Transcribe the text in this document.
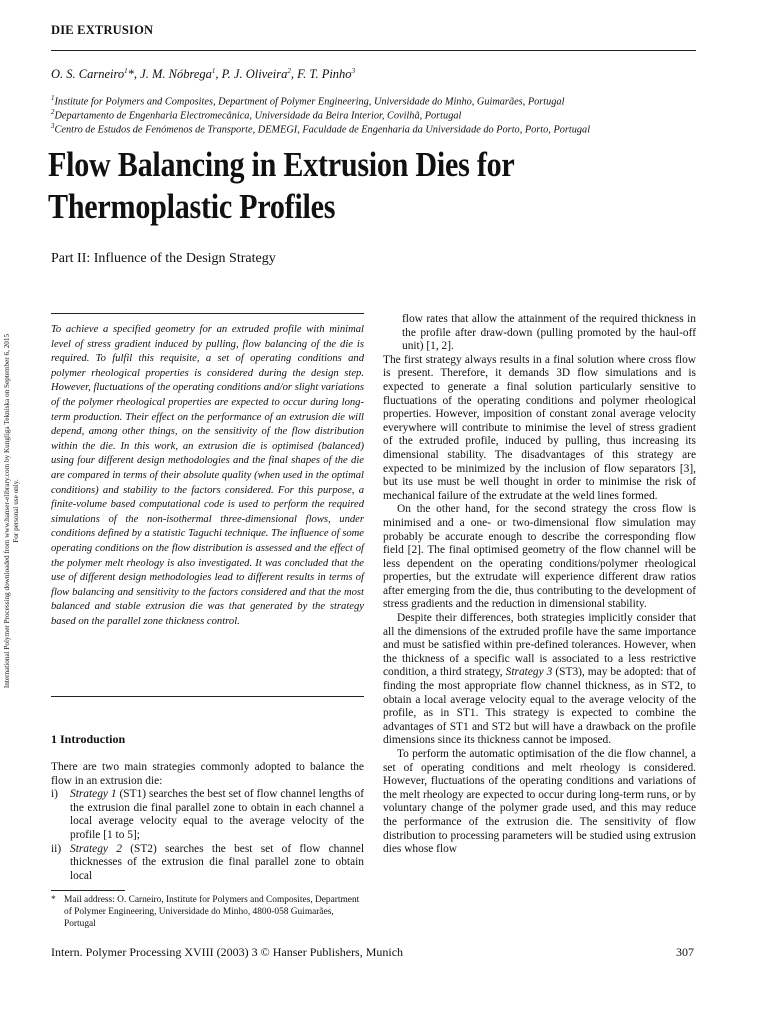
DIE EXTRUSION
O. S. Carneiro$^1$*, J. M. Nóbrega$^1$, P. J. Oliveira$^2$, F. T. Pinho$^3$
$^1$Institute for Polymers and Composites, Department of Polymer Engineering, Universidade do Minho, Guimarães, Portugal
$^2$Departamento de Engenharia Electromecânica, Universidade da Beira Interior, Covilhã, Portugal
$^3$Centro de Estudos de Fenómenos de Transporte, DEMEGI, Faculdade de Engenharia da Universidade do Porto, Porto, Portugal
Flow Balancing in Extrusion Dies for
Thermoplastic Profiles
Part II: Influence of the Design Strategy
International Polymer Processing downloaded from www.hanser-elibrary.com by Kungliga Tekniska on September 6, 2015 For personal use only.
To achieve a specified geometry for an extruded profile with minimal level of stress gradient induced by pulling, flow balancing of the die is required. To fulfil this requisite, a set of operating conditions and polymer rheological properties is considered during the design step. However, fluctuations of the operating conditions and/or slight variations of the polymer rheological properties are expected to occur during long-term production. Their effect on the performance of an extrusion die will depend, among other things, on the sensitivity of the flow distribution within the die. In this work, an extrusion die is optimised (balanced) using four different design methodologies and the final shapes of the die are compared in terms of their absolute quality (when used in the optimal conditions) and stability to the factors considered. For this purpose, a finite-volume based computational code is used to perform the required simulations of the non-isothermal three-dimensional flows, under conditions defined by a statistic Taguchi technique. The influence of some operating conditions on the flow distribution is assessed and the effect of the polymer melt rheology is also investigated. It was concluded that the use of different design methodologies lead to different results in terms of flow balancing and sensitivity to the factors considered and that the most balanced and stable extrusion die was that generated by the strategy based on the parallel zone thickness control.
1 Introduction

There are two main strategies commonly adopted to balance the flow in an extrusion die:

i)	Strategy 1 (ST1) searches the best set of flow channel lengths of the extrusion die final parallel zone to obtain in each channel a local average velocity equal to the average velocity of the profile [1 to 5];
ii) Strategy 2 (ST2) searches the best set of flow channel thicknesses of the extrusion die final parallel zone to obtain local
* Mail address: O. Carneiro, Institute for Polymers and Composites, Department of Polymer Engineering, Universidade do Minho, 4800-058 Guimarães, Portugal

flow rates that allow the attainment of the required thickness in the profile after draw-down (pulling promoted by the haul-off unit) [1, 2].

The first strategy always results in a final solution where cross flow is present. Therefore, it demands 3D flow simulations and is expected to generate a final solution particularly sensitive to fluctuations of the operating conditions and polymer rheological properties. However, imposition of constant zonal average velocity everywhere will contribute to minimise the level of stress gradient of the extruded profile, induced by pulling, thus increasing its dimensional stability. The disadvantages of this strategy are expected to be minimized by the inclusion of flow separators [3], but its use must be well thought in order to minimise the risk of mechanical failure of the extrudate at the weld lines formed.

On the other hand, for the second strategy the cross flow is minimised and a one- or two-dimensional flow simulation may probably be accurate enough to describe the corresponding flow field [2]. The final optimised geometry of the flow channel will be less dependent on the operating conditions/polymer rheological properties, but the extrudate will experience different draw ratios after emerging from the die, thus contributing to the development of stress gradients and the reduction in dimensional stability.

Despite their differences, both strategies implicitly consider that all the dimensions of the extruded profile have the same importance and must be satisfied within pre-defined tolerances. However, when the thickness of a specific wall is associated to a less restrictive condition, a third strategy, Strategy 3 (ST3), may be adopted: that of finding the most appropriate flow channel thickness, as in ST2, to obtain a local average velocity equal to the average velocity of the profile, as in ST1. This strategy is expected to combine the advantages of ST1 and ST2 but will have a drawback on the profile dimensions since its thickness cannot be imposed.

To perform the automatic optimisation of the die flow channel, a set of operating conditions and melt rheology is considered. However, fluctuations of the operating conditions and variations of the melt rheology are expected to occur during long-term runs, or by voluntary change of the polymer grade used, and this may reduce the performance of the extrusion die. The sensitivity of flow distribution to processing parameters will be studied using extrusion dies whose flow

Intern. Polymer Processing XVIII (2003) 3 © Hanser Publishers, Munich	307
